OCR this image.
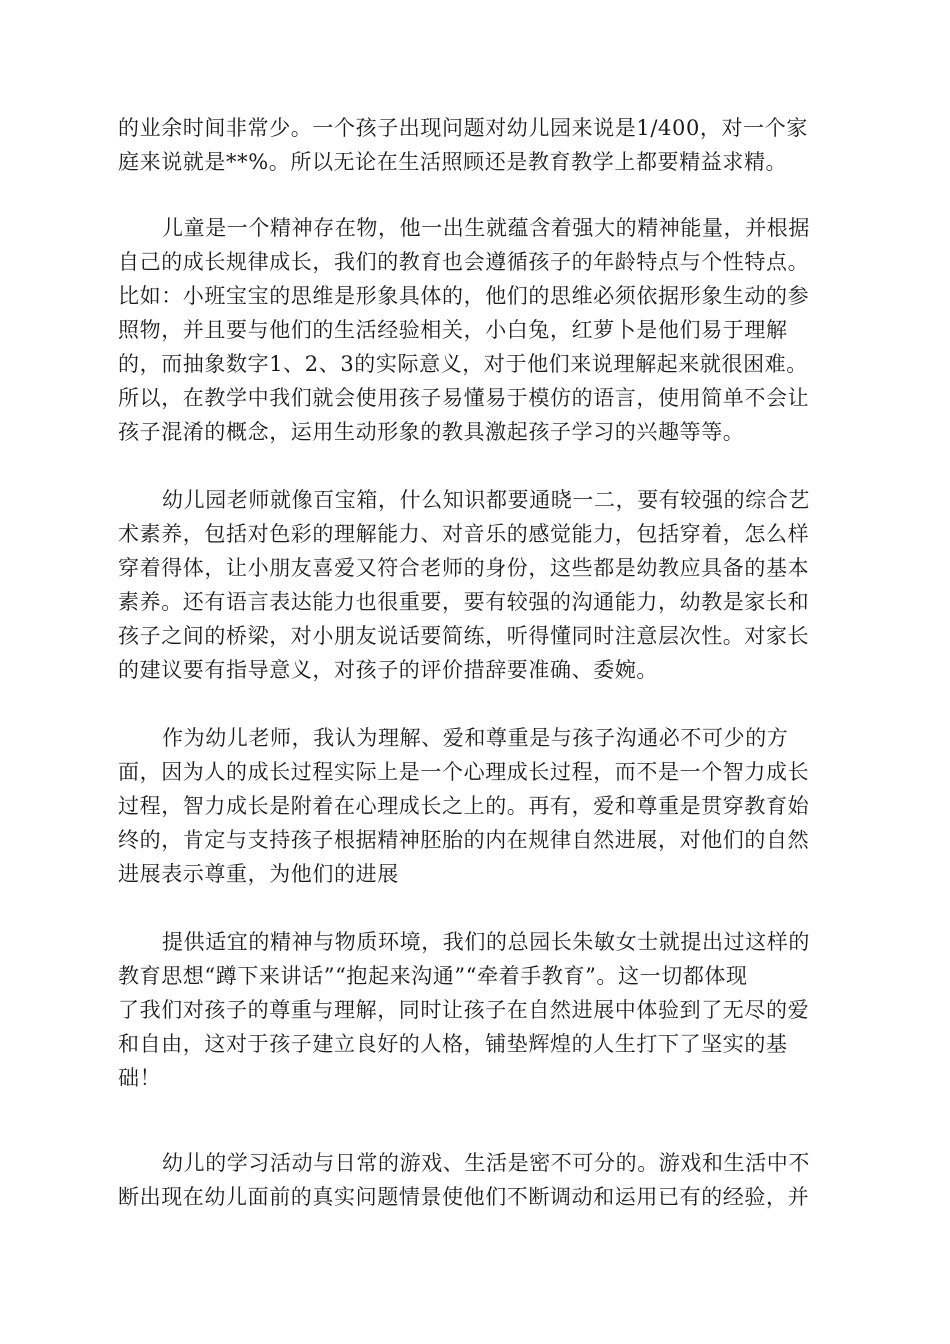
的业余时间非常少。一个孩子出现问题对幼儿园来说是1/400，对一个家
庭来说就是**%。所以无论在生活照顾还是教育教学上都要精益求精。
儿童是一个精神存在物，他一出生就蕴含着强大的精神能量，并根据
自己的成长规律成长，我们的教育也会遵循孩子的年龄特点与个性特点。
比如：小班宝宝的思维是形象具体的，他们的思维必须依据形象生动的参
照物，并且要与他们的生活经验相关，小白兔，红萝卜是他们易于理解
的，而抽象数字1、2、3的实际意义，对于他们来说理解起来就很困难。
所以，在教学中我们就会使用孩子易懂易于模仿的语言，使用简单不会让
孩子混淆的概念，运用生动形象的教具激起孩子学习的兴趣等等。
幼儿园老师就像百宝箱，什么知识都要通晓一二，要有较强的综合艺
术素养，包括对色彩的理解能力、对音乐的感觉能力，包括穿着，怎么样
穿着得体，让小朋友喜爱又符合老师的身份，这些都是幼教应具备的基本
素养。还有语言表达能力也很重要，要有较强的沟通能力，幼教是家长和
孩子之间的桥梁，对小朋友说话要简练，听得懂同时注意层次性。对家长
的建议要有指导意义，对孩子的评价措辞要准确、委婉。
作为幼儿老师，我认为理解、爱和尊重是与孩子沟通必不可少的方
面，因为人的成长过程实际上是一个心理成长过程，而不是一个智力成长
过程，智力成长是附着在心理成长之上的。再有，爱和尊重是贯穿教育始
终的，肯定与支持孩子根据精神胚胎的内在规律自然进展，对他们的自然
进展表示尊重，为他们的进展
提供适宜的精神与物质环境，我们的总园长朱敏女士就提出过这样的
教育思想“蹲下来讲话”“抱起来沟通”“牵着手教育”。这一切都体现
了我们对孩子的尊重与理解，同时让孩子在自然进展中体验到了无尽的爱
和自由，这对于孩子建立良好的人格，铺垫辉煌的人生打下了坚实的基
础！
幼儿的学习活动与日常的游戏、生活是密不可分的。游戏和生活中不
断出现在幼儿面前的真实问题情景使他们不断调动和运用已有的经验，并
